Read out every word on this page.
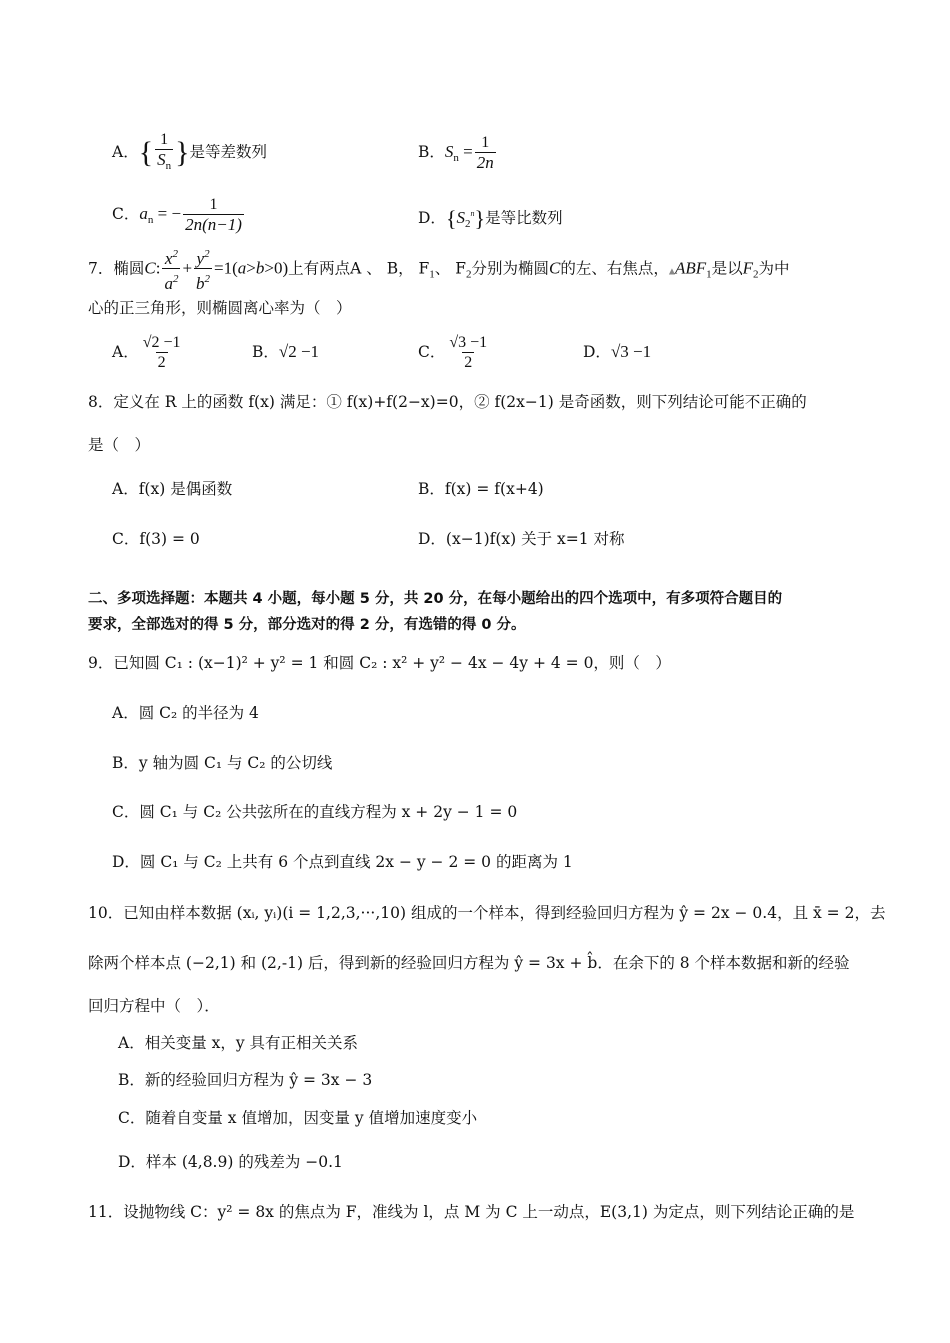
A．{ $\frac{1}{S_n}$ }是等差数列	B．$S_n = \frac{1}{2n}$
C．$a_n$ = − $\frac{1}{2n(n-1)}$	D．$\{S_2^n\}$是等比数列
7．椭圆C: $\frac{x^2}{a^2} + \frac{y^2}{b^2} =1(a>b>0)$上有两点A 、 B， $F_1$、 $F_2$分别为椭圆C的左、右焦点，$▲ABF_1$是以$F_2$为中
心的正三角形，则椭圆离心率为（　）
A． $\frac{√2 -1}{2}$	B．√2 −1	C． $\frac{√3 -1}{2}$	D．√3 −1
8．定义在 R 上的函数 f(x) 满足：① f(x)+f(2−x)=0，② f(2x−1) 是奇函数，则下列结论可能不正确的
是（　）
A．f(x) 是偶函数	B．f(x) = f(x+4)
C．f(3) = 0	D．(x−1)f(x) 关于 x=1 对称
二、多项选择题：本题共 4 小题，每小题 5 分，共 20 分，在每小题给出的四个选项中，有多项符合题目的
要求，全部选对的得 5 分，部分选对的得 2 分，有选错的得 0 分。
9．已知圆 C₁ : (x−1)² + y² = 1 和圆 C₂ : x² + y² − 4x − 4y + 4 = 0，则（　）
A．圆 C₂ 的半径为 4
B．y 轴为圆 C₁ 与 C₂ 的公切线
C．圆 C₁ 与 C₂ 公共弦所在的直线方程为 x + 2y − 1 = 0
D．圆 C₁ 与 C₂ 上共有 6 个点到直线 2x − y − 2 = 0 的距离为 1
10．已知由样本数据 (xᵢ, yᵢ)(i = 1,2,3,···,10) 组成的一个样本，得到经验回归方程为 ŷ = 2x − 0.4，且 x̄ = 2，去
除两个样本点 (−2,1) 和 (2,-1) 后，得到新的经验回归方程为 ŷ = 3x + b̂．在余下的 8 个样本数据和新的经验
回归方程中（　）．
A．相关变量 x，y 具有正相关关系
B．新的经验回归方程为 ŷ = 3x − 3
C．随着自变量 x 值增加，因变量 y 值增加速度变小
D．样本 (4,8.9) 的残差为 −0.1
11．设抛物线 C：y² = 8x 的焦点为 F，准线为 l，点 M 为 C 上一动点，E(3,1) 为定点，则下列结论正确的是
